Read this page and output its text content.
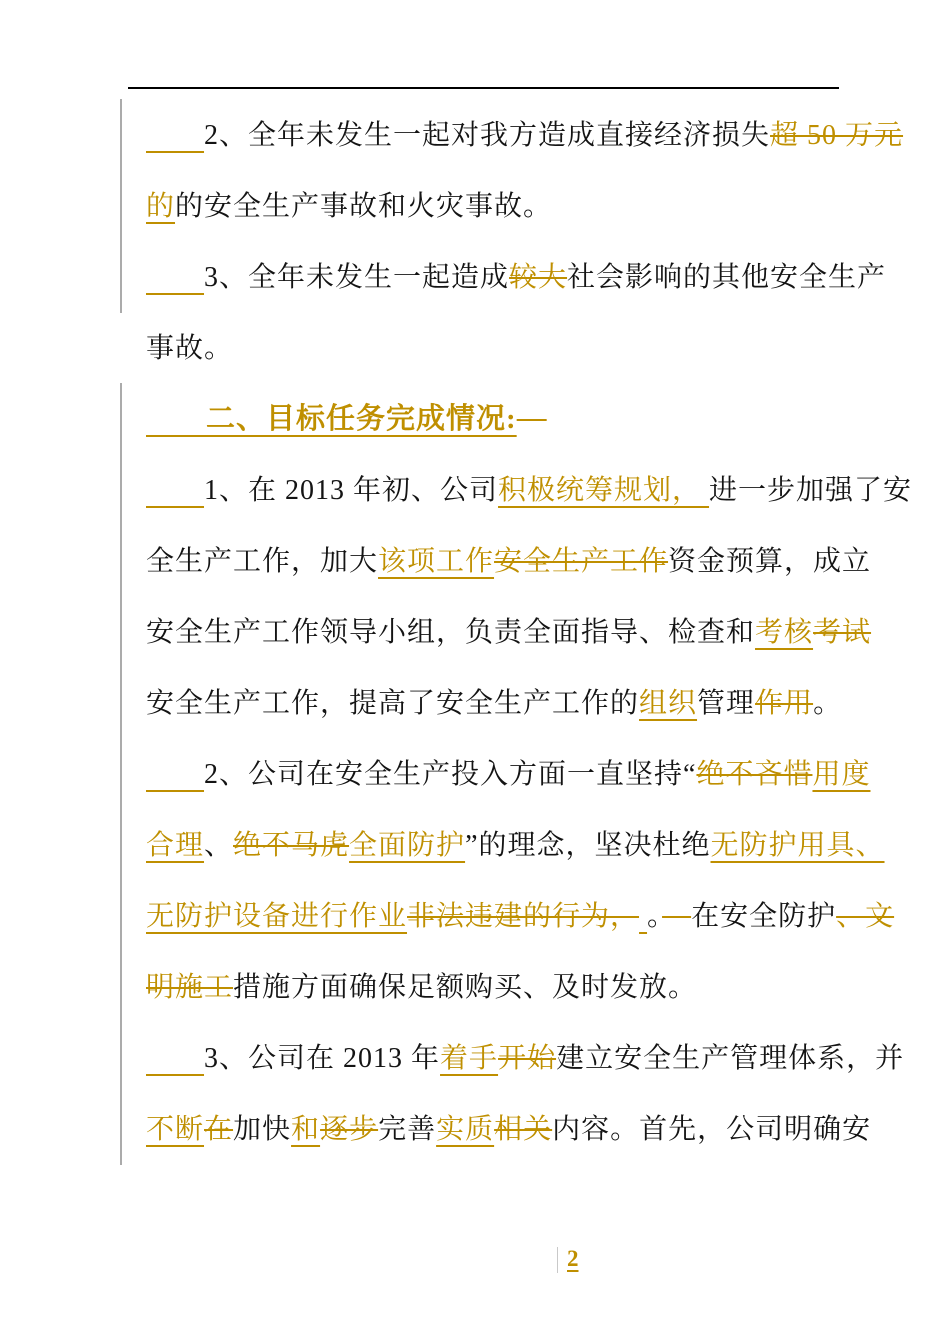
　　2、全年未发生一起对我方造成直接经济损失超 50 万元
的的安全生产事故和火灾事故。
　　3、全年未发生一起造成较大社会影响的其他安全生产
事故。
　　二、目标任务完成情况:　
　　1、在 2013 年初、公司积极统筹规划， 进一步加强了安
全生产工作，加大该项工作安全生产工作资金预算，成立
安全生产工作领导小组，负责全面指导、检查和考核考试
安全生产工作，提高了安全生产工作的组织管理作用。
　　2、公司在安全生产投入方面一直坚持“绝不吝惜用度
合理、绝不马虎全面防护”的理念，坚决杜绝无防护用具、
无防护设备进行作业非法违建的行为， 。　 在安全防护、文
明施工措施方面确保足额购买、及时发放。
　　3、公司在 2013 年着手开始建立安全生产管理体系，并
不断在加快和逐步完善实质相关内容。首先，公司明确安
2
